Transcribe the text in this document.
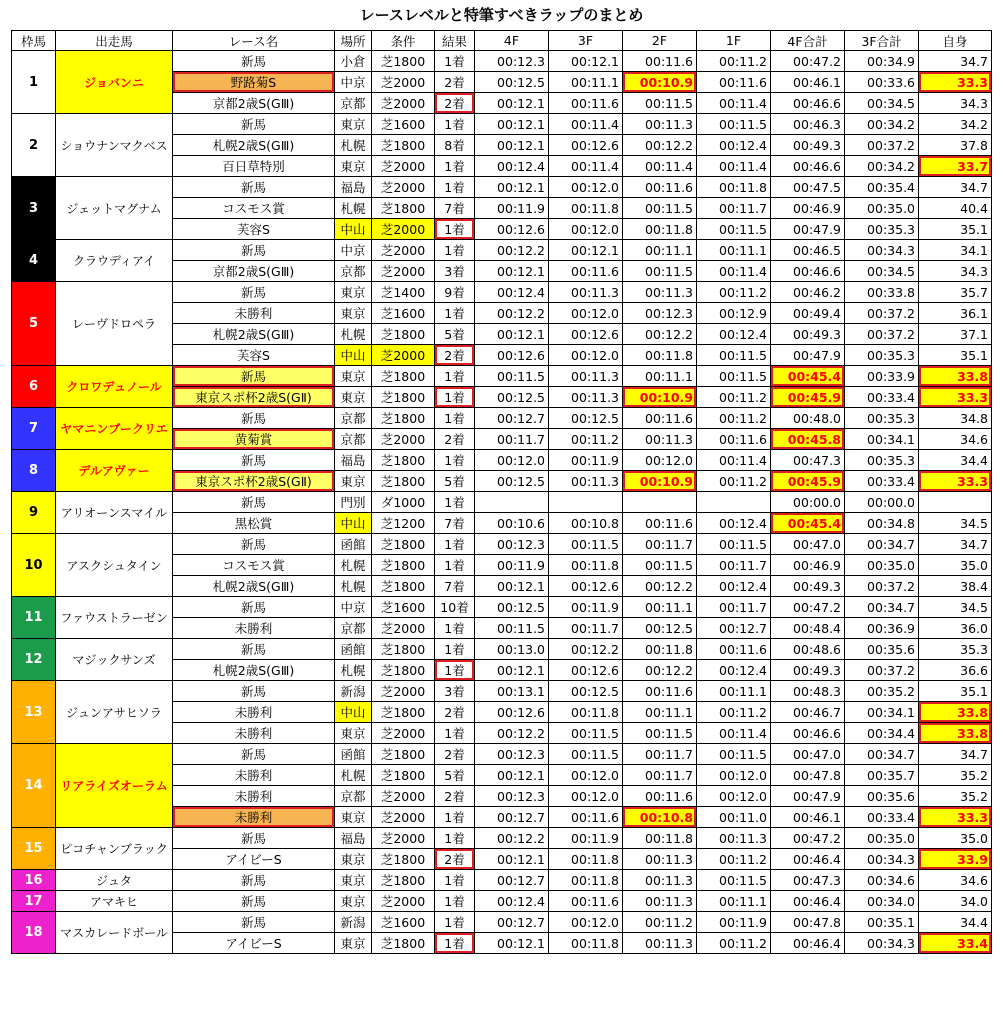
レースレベルと特筆すべきラップのまとめ
枠馬	出走馬	レース名	場所	条件	結果	4F	3F	2F	1F	4F合計	3F合計	自身
1	ジョバンニ	新馬	小倉	芝1800	1着	00:12.3	00:12.1	00:11.6	00:11.2	00:47.2	00:34.9	34.7
		野路菊S	中京	芝2000	2着	00:12.5	00:11.1	00:10.9	00:11.6	00:46.1	00:33.6	33.3
		京都2歳S(GⅢ)	京都	芝2000	2着	00:12.1	00:11.6	00:11.5	00:11.4	00:46.6	00:34.5	34.3
2	ショウナンマクベス	新馬	東京	芝1600	1着	00:12.1	00:11.4	00:11.3	00:11.5	00:46.3	00:34.2	34.2
		札幌2歳S(GⅢ)	札幌	芝1800	8着	00:12.1	00:12.6	00:12.2	00:12.4	00:49.3	00:37.2	37.8
		百日草特別	東京	芝2000	1着	00:12.4	00:11.4	00:11.4	00:11.4	00:46.6	00:34.2	33.7
3	ジェットマグナム	新馬	福島	芝2000	1着	00:12.1	00:12.0	00:11.6	00:11.8	00:47.5	00:35.4	34.7
		コスモス賞	札幌	芝1800	7着	00:11.9	00:11.8	00:11.5	00:11.7	00:46.9	00:35.0	40.4
		芙容S	中山	芝2000	1着	00:12.6	00:12.0	00:11.8	00:11.5	00:47.9	00:35.3	35.1
4	クラウディアイ	新馬	中京	芝2000	1着	00:12.2	00:12.1	00:11.1	00:11.1	00:46.5	00:34.3	34.1
		京都2歳S(GⅢ)	京都	芝2000	3着	00:12.1	00:11.6	00:11.5	00:11.4	00:46.6	00:34.5	34.3
5	レーヴドロペラ	新馬	東京	芝1400	9着	00:12.4	00:11.3	00:11.3	00:11.2	00:46.2	00:33.8	35.7
		未勝利	東京	芝1600	1着	00:12.2	00:12.0	00:12.3	00:12.9	00:49.4	00:37.2	36.1
		札幌2歳S(GⅢ)	札幌	芝1800	5着	00:12.1	00:12.6	00:12.2	00:12.4	00:49.3	00:37.2	37.1
		芙容S	中山	芝2000	2着	00:12.6	00:12.0	00:11.8	00:11.5	00:47.9	00:35.3	35.1
6	クロワデュノール	新馬	東京	芝1800	1着	00:11.5	00:11.3	00:11.1	00:11.5	00:45.4	00:33.9	33.8
		東京スポ杯2歳S(GⅡ)	東京	芝1800	1着	00:12.5	00:11.3	00:10.9	00:11.2	00:45.9	00:33.4	33.3
7	ヤマニンブークリエ	新馬	京都	芝1800	1着	00:12.7	00:12.5	00:11.6	00:11.2	00:48.0	00:35.3	34.8
		黄菊賞	京都	芝2000	2着	00:11.7	00:11.2	00:11.3	00:11.6	00:45.8	00:34.1	34.6
8	デルアヴァー	新馬	福島	芝1800	1着	00:12.0	00:11.9	00:12.0	00:11.4	00:47.3	00:35.3	34.4
		東京スポ杯2歳S(GⅡ)	東京	芝1800	5着	00:12.5	00:11.3	00:10.9	00:11.2	00:45.9	00:33.4	33.3
9	アリオーンスマイル	新馬	門別	ダ1000	1着					00:00.0	00:00.0	
		黒松賞	中山	芝1200	7着	00:10.6	00:10.8	00:11.6	00:12.4	00:45.4	00:34.8	34.5
10	アスクシュタイン	新馬	函館	芝1800	1着	00:12.3	00:11.5	00:11.7	00:11.5	00:47.0	00:34.7	34.7
		コスモス賞	札幌	芝1800	1着	00:11.9	00:11.8	00:11.5	00:11.7	00:46.9	00:35.0	35.0
		札幌2歳S(GⅢ)	札幌	芝1800	7着	00:12.1	00:12.6	00:12.2	00:12.4	00:49.3	00:37.2	38.4
11	ファウストラーゼン	新馬	中京	芝1600	10着	00:12.5	00:11.9	00:11.1	00:11.7	00:47.2	00:34.7	34.5
		未勝利	京都	芝2000	1着	00:11.5	00:11.7	00:12.5	00:12.7	00:48.4	00:36.9	36.0
12	マジックサンズ	新馬	函館	芝1800	1着	00:13.0	00:12.2	00:11.8	00:11.6	00:48.6	00:35.6	35.3
		札幌2歳S(GⅢ)	札幌	芝1800	1着	00:12.1	00:12.6	00:12.2	00:12.4	00:49.3	00:37.2	36.6
13	ジュンアサヒソラ	新馬	新潟	芝2000	3着	00:13.1	00:12.5	00:11.6	00:11.1	00:48.3	00:35.2	35.1
		未勝利	中山	芝1800	2着	00:12.6	00:11.8	00:11.1	00:11.2	00:46.7	00:34.1	33.8
		未勝利	東京	芝2000	1着	00:12.2	00:11.5	00:11.5	00:11.4	00:46.6	00:34.4	33.8
14	リアライズオーラム	新馬	函館	芝1800	2着	00:12.3	00:11.5	00:11.7	00:11.5	00:47.0	00:34.7	34.7
		未勝利	札幌	芝1800	5着	00:12.1	00:12.0	00:11.7	00:12.0	00:47.8	00:35.7	35.2
		未勝利	京都	芝2000	2着	00:12.3	00:12.0	00:11.6	00:12.0	00:47.9	00:35.6	35.2
		未勝利	東京	芝2000	1着	00:12.7	00:11.6	00:10.8	00:11.0	00:46.1	00:33.4	33.3
15	ピコチャンブラック	新馬	福島	芝2000	1着	00:12.2	00:11.9	00:11.8	00:11.3	00:47.2	00:35.0	35.0
		アイビーS	東京	芝1800	2着	00:12.1	00:11.8	00:11.3	00:11.2	00:46.4	00:34.3	33.9
16	ジュタ	新馬	東京	芝1800	1着	00:12.7	00:11.8	00:11.3	00:11.5	00:47.3	00:34.6	34.6
17	アマキヒ	新馬	東京	芝2000	1着	00:12.4	00:11.6	00:11.3	00:11.1	00:46.4	00:34.0	34.0
18	マスカレードボール	新馬	新潟	芝1600	1着	00:12.7	00:12.0	00:11.2	00:11.9	00:47.8	00:35.1	34.4
		アイビーS	東京	芝1800	1着	00:12.1	00:11.8	00:11.3	00:11.2	00:46.4	00:34.3	33.4
